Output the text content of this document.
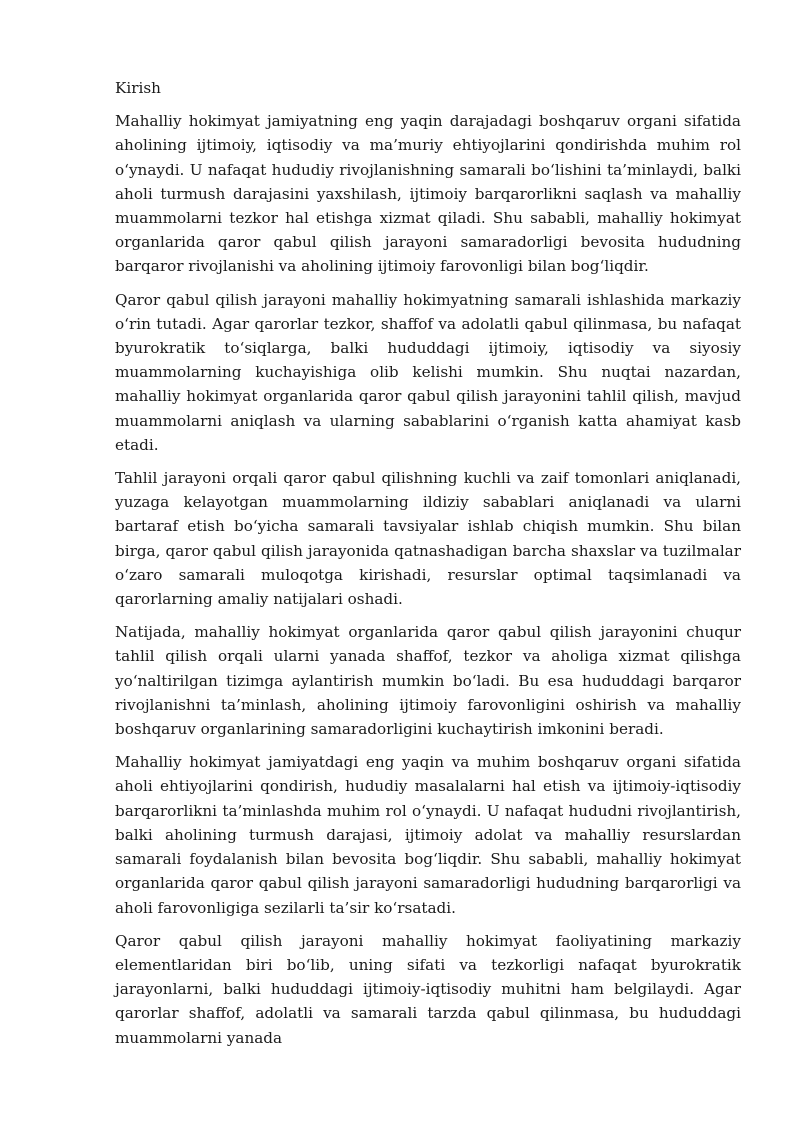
Kirish

Mahalliy hokimyat jamiyatning eng yaqin darajadagi boshqaruv organi sifatida aholining ijtimoiy, iqtisodiy va ma’muriy ehtiyojlarini qondirishda muhim rol o‘ynaydi. U nafaqat hududiy rivojlanishning samarali bo‘lishini ta’minlaydi, balki aholi turmush darajasini yaxshilash, ijtimoiy barqarorlikni saqlash va mahalliy muammolarni tezkor hal etishga xizmat qiladi. Shu sababli, mahalliy hokimyat organlarida qaror qabul qilish jarayoni samaradorligi bevosita hududning barqaror rivojlanishi va aholining ijtimoiy farovonligi bilan bog‘liqdir.

Qaror qabul qilish jarayoni mahalliy hokimyatning samarali ishlashida markaziy o‘rin tutadi. Agar qarorlar tezkor, shaffof va adolatli qabul qilinmasa, bu nafaqat byurokratik to‘siqlarga, balki hududdagi ijtimoiy, iqtisodiy va siyosiy muammolarning kuchayishiga olib kelishi mumkin. Shu nuqtai nazardan, mahalliy hokimyat organlarida qaror qabul qilish jarayonini tahlil qilish, mavjud muammolarni aniqlash va ularning sabablarini o‘rganish katta ahamiyat kasb etadi.

Tahlil jarayoni orqali qaror qabul qilishning kuchli va zaif tomonlari aniqlanadi, yuzaga kelayotgan muammolarning ildiziy sabablari aniqlanadi va ularni bartaraf etish bo‘yicha samarali tavsiyalar ishlab chiqish mumkin. Shu bilan birga, qaror qabul qilish jarayonida qatnashadigan barcha shaxslar va tuzilmalar o‘zaro samarali muloqotga kirishadi, resurslar optimal taqsimlanadi va qarorlarning amaliy natijalari oshadi.

Natijada, mahalliy hokimyat organlarida qaror qabul qilish jarayonini chuqur tahlil qilish orqali ularni yanada shaffof, tezkor va aholiga xizmat qilishga yo‘naltirilgan tizimga aylantirish mumkin bo‘ladi. Bu esa hududdagi barqaror rivojlanishni ta’minlash, aholining ijtimoiy farovonligini oshirish va mahalliy boshqaruv organlarining samaradorligini kuchaytirish imkonini beradi.

Mahalliy hokimyat jamiyatdagi eng yaqin va muhim boshqaruv organi sifatida aholi ehtiyojlarini qondirish, hududiy masalalarni hal etish va ijtimoiy-iqtisodiy barqarorlikni ta’minlashda muhim rol o‘ynaydi. U nafaqat hududni rivojlantirish, balki aholining turmush darajasi, ijtimoiy adolat va mahalliy resurslardan samarali foydalanish bilan bevosita bog‘liqdir. Shu sababli, mahalliy hokimyat organlarida qaror qabul qilish jarayoni samaradorligi hududning barqarorligi va aholi farovonligiga sezilarli ta’sir ko‘rsatadi.

Qaror qabul qilish jarayoni mahalliy hokimyat faoliyatining markaziy elementlaridan biri bo‘lib, uning sifati va tezkorligi nafaqat byurokratik jarayonlarni, balki hududdagi ijtimoiy-iqtisodiy muhitni ham belgilaydi. Agar qarorlar shaffof, adolatli va samarali tarzda qabul qilinmasa, bu hududdagi muammolarni yanada
